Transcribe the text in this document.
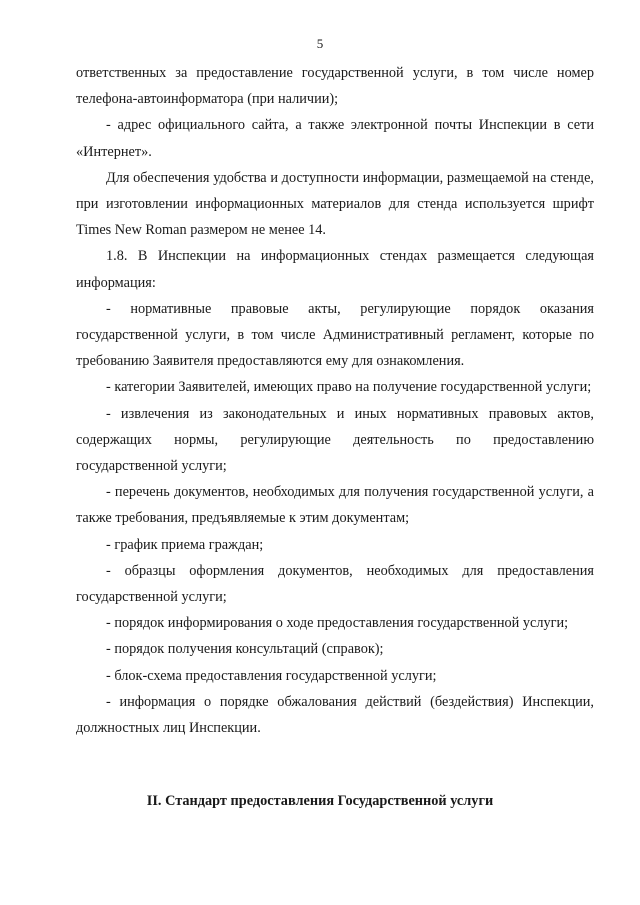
5

ответственных за предоставление государственной услуги, в том числе номер телефона-автоинформатора (при наличии);

- адрес официального сайта, а также электронной почты Инспекции в сети «Интернет».

Для обеспечения удобства и доступности информации, размещаемой на стенде, при изготовлении информационных материалов для стенда используется шрифт Times New Roman размером не менее 14.

1.8. В Инспекции на информационных стендах размещается следующая информация:

- нормативные правовые акты, регулирующие порядок оказания государственной услуги, в том числе Административный регламент, которые по требованию Заявителя предоставляются ему для ознакомления.

- категории Заявителей, имеющих право на получение государственной услуги;

- извлечения из законодательных и иных нормативных правовых актов, содержащих нормы, регулирующие деятельность по предоставлению государственной услуги;

- перечень документов, необходимых для получения государственной услуги, а также требования, предъявляемые к этим документам;

- график приема граждан;

- образцы оформления документов, необходимых для предоставления государственной услуги;

- порядок информирования о ходе предоставления государственной услуги;

- порядок получения консультаций (справок);

- блок-схема предоставления государственной услуги;

- информация о порядке обжалования действий (бездействия) Инспекции, должностных лиц Инспекции.

II. Стандарт предоставления Государственной услуги
